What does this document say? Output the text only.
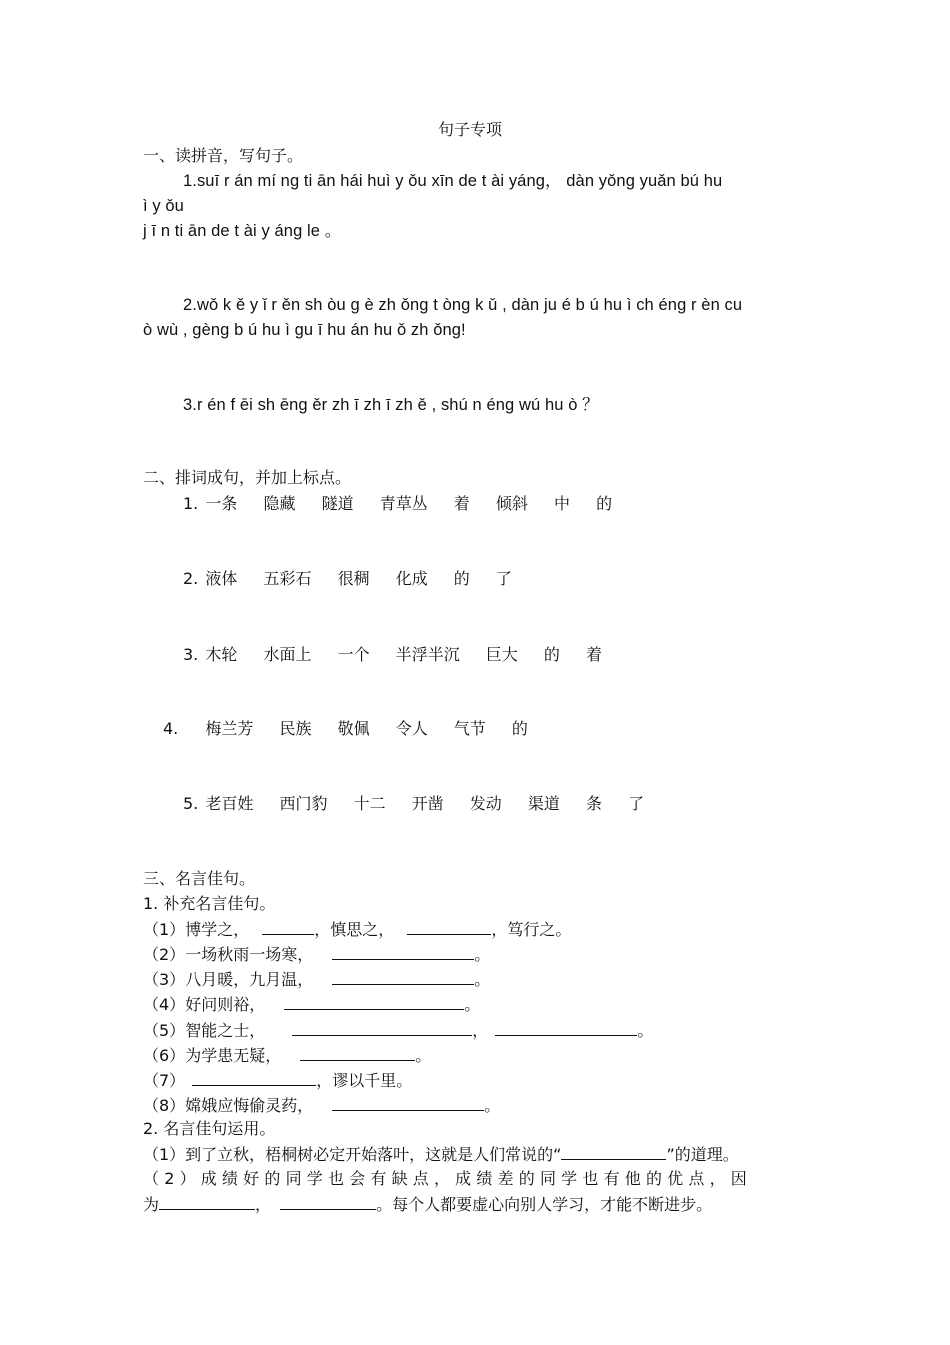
句子专项
一、读拼音，写句子。
1.suī r án mí ng ti ān hái huì y ǒu xīn de t ài yáng， dàn yǒng yuǎn bú hu
ì y ǒu
j ī n ti ān de t ài y áng le 。
2.wǒ k ě y ǐ r ěn sh òu g è zh ǒng t òng k ǔ , dàn ju é b ú hu ì ch éng r èn cu
ò wù , gèng b ú hu ì gu ī hu án hu ǒ zh ǒng!
3.r én f ēi sh ēng ěr zh ī zh ī zh ě , shú n éng wú hu ò ？
二、排词成句，并加上标点。
1. 一条 隐藏 隧道 青草丛 着 倾斜 中 的
2. 液体 五彩石 很稠 化成 的 了
3. 木轮 水面上 一个 半浮半沉 巨大 的 着
4. 梅兰芳 民族 敬佩 令人 气节 的
5. 老百姓 西门豹 十二 开凿 发动 渠道 条 了
三、名言佳句。
1. 补充名言佳句。
（1）博学之，	，慎思之，	，笃行之。
（2）一场秋雨一场寒，	。
（3）八月暖，九月温，	。
（4）好问则裕，	。
（5）智能之士，	，	。
（6）为学患无疑，	。
（7）	，谬以千里。
（8）嫦娥应悔偷灵药，	。
2. 名言佳句运用。
（1）到了立秋，梧桐树必定开始落叶，这就是人们常说的“	”的道理。
（2）成绩好的同学也会有缺点，成绩差的同学也有他的优点，因
为	，	。每个人都要虚心向别人学习，才能不断进步。
